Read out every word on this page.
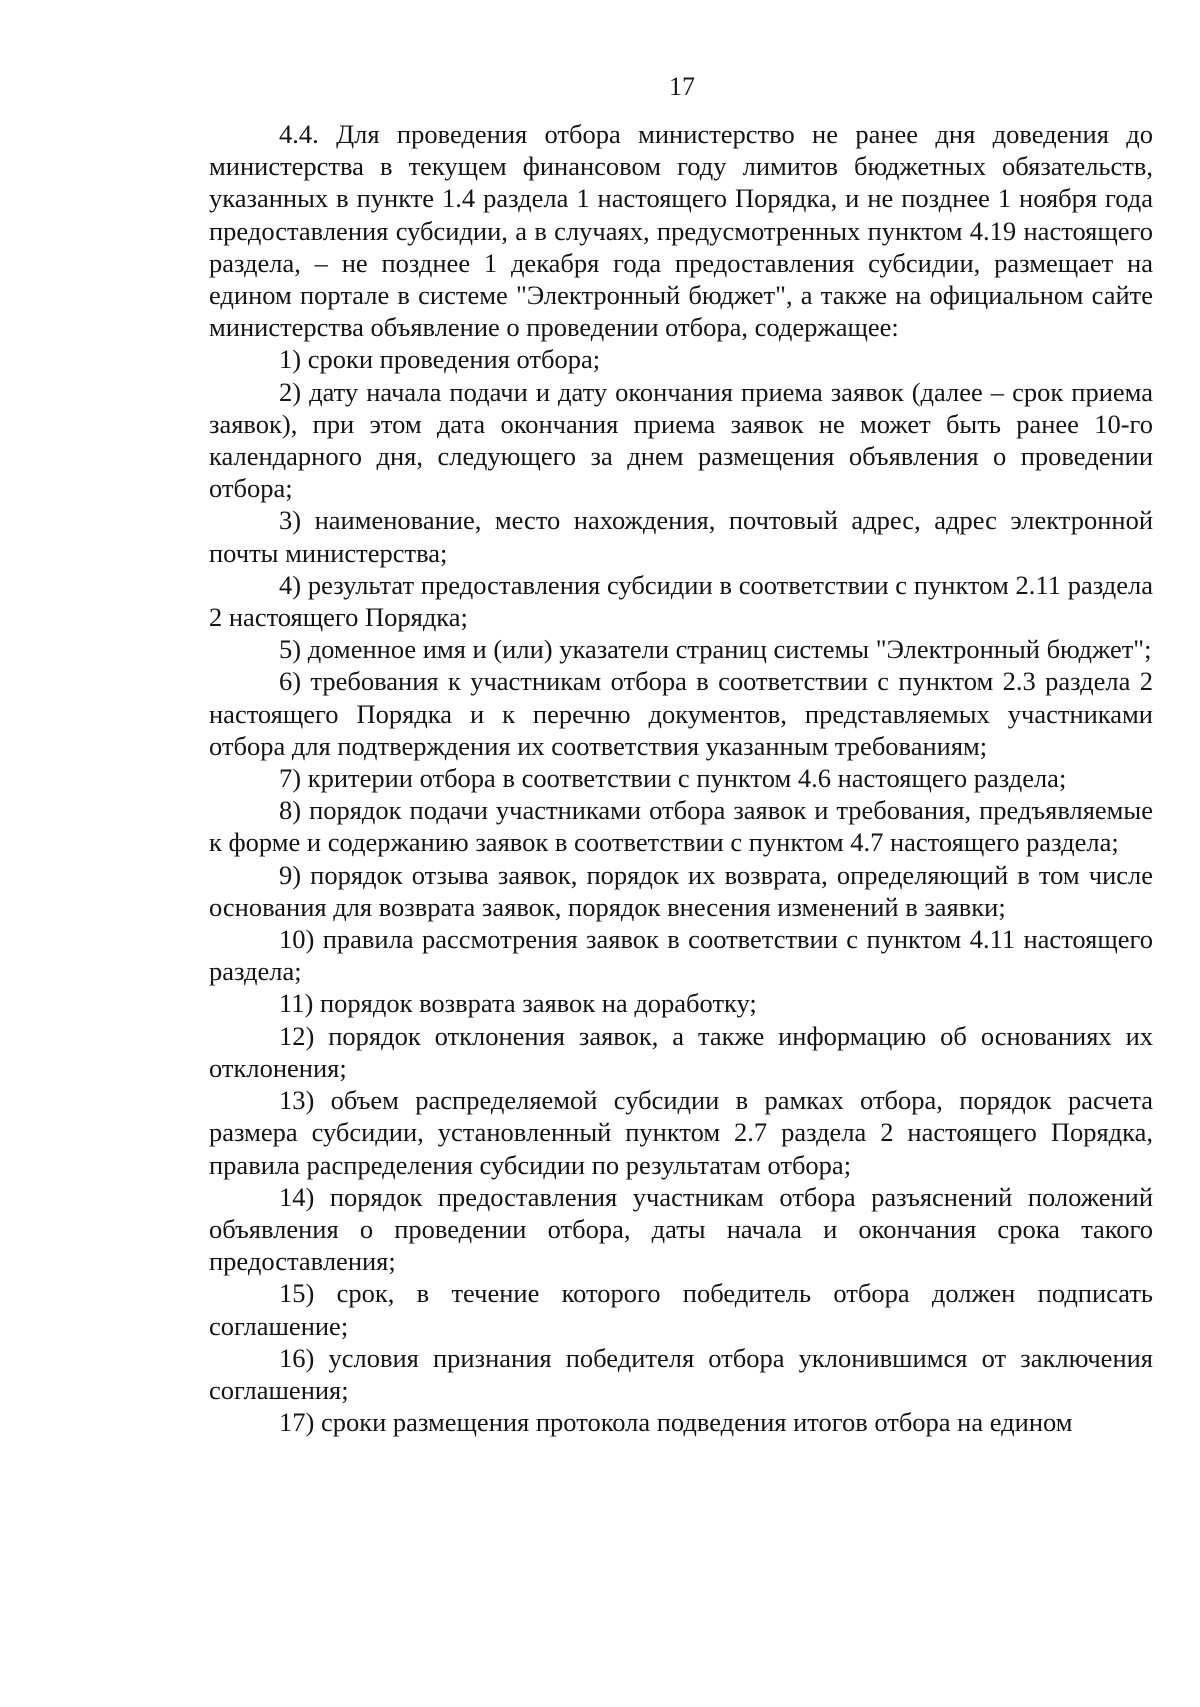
17

4.4. Для проведения отбора министерство не ранее дня доведения до министерства в текущем финансовом году лимитов бюджетных обязательств, указанных в пункте 1.4 раздела 1 настоящего Порядка, и не позднее 1 ноября года предоставления субсидии, а в случаях, предусмотренных пунктом 4.19 настоящего раздела, – не позднее 1 декабря года предоставления субсидии, размещает на едином портале в системе "Электронный бюджет", а также на официальном сайте министерства объявление о проведении отбора, содержащее:

1) сроки проведения отбора;

2) дату начала подачи и дату окончания приема заявок (далее – срок приема заявок), при этом дата окончания приема заявок не может быть ранее 10-го календарного дня, следующего за днем размещения объявления о проведении отбора;

3) наименование, место нахождения, почтовый адрес, адрес электронной почты министерства;

4) результат предоставления субсидии в соответствии с пунктом 2.11 раздела 2 настоящего Порядка;

5) доменное имя и (или) указатели страниц системы "Электронный бюджет";

6) требования к участникам отбора в соответствии с пунктом 2.3 раздела 2 настоящего Порядка и к перечню документов, представляемых участниками отбора для подтверждения их соответствия указанным требованиям;

7) критерии отбора в соответствии с пунктом 4.6 настоящего раздела;

8) порядок подачи участниками отбора заявок и требования, предъявляемые к форме и содержанию заявок в соответствии с пунктом 4.7 настоящего раздела;

9) порядок отзыва заявок, порядок их возврата, определяющий в том числе основания для возврата заявок, порядок внесения изменений в заявки;

10) правила рассмотрения заявок в соответствии с пунктом 4.11 настоящего раздела;

11) порядок возврата заявок на доработку;

12) порядок отклонения заявок, а также информацию об основаниях их отклонения;

13) объем распределяемой субсидии в рамках отбора, порядок расчета размера субсидии, установленный пунктом 2.7 раздела 2 настоящего Порядка, правила распределения субсидии по результатам отбора;

14) порядок предоставления участникам отбора разъяснений положений объявления о проведении отбора, даты начала и окончания срока такого предоставления;

15) срок, в течение которого победитель отбора должен подписать соглашение;

16) условия признания победителя отбора уклонившимся от заключения соглашения;

17) сроки размещения протокола подведения итогов отбора на едином
